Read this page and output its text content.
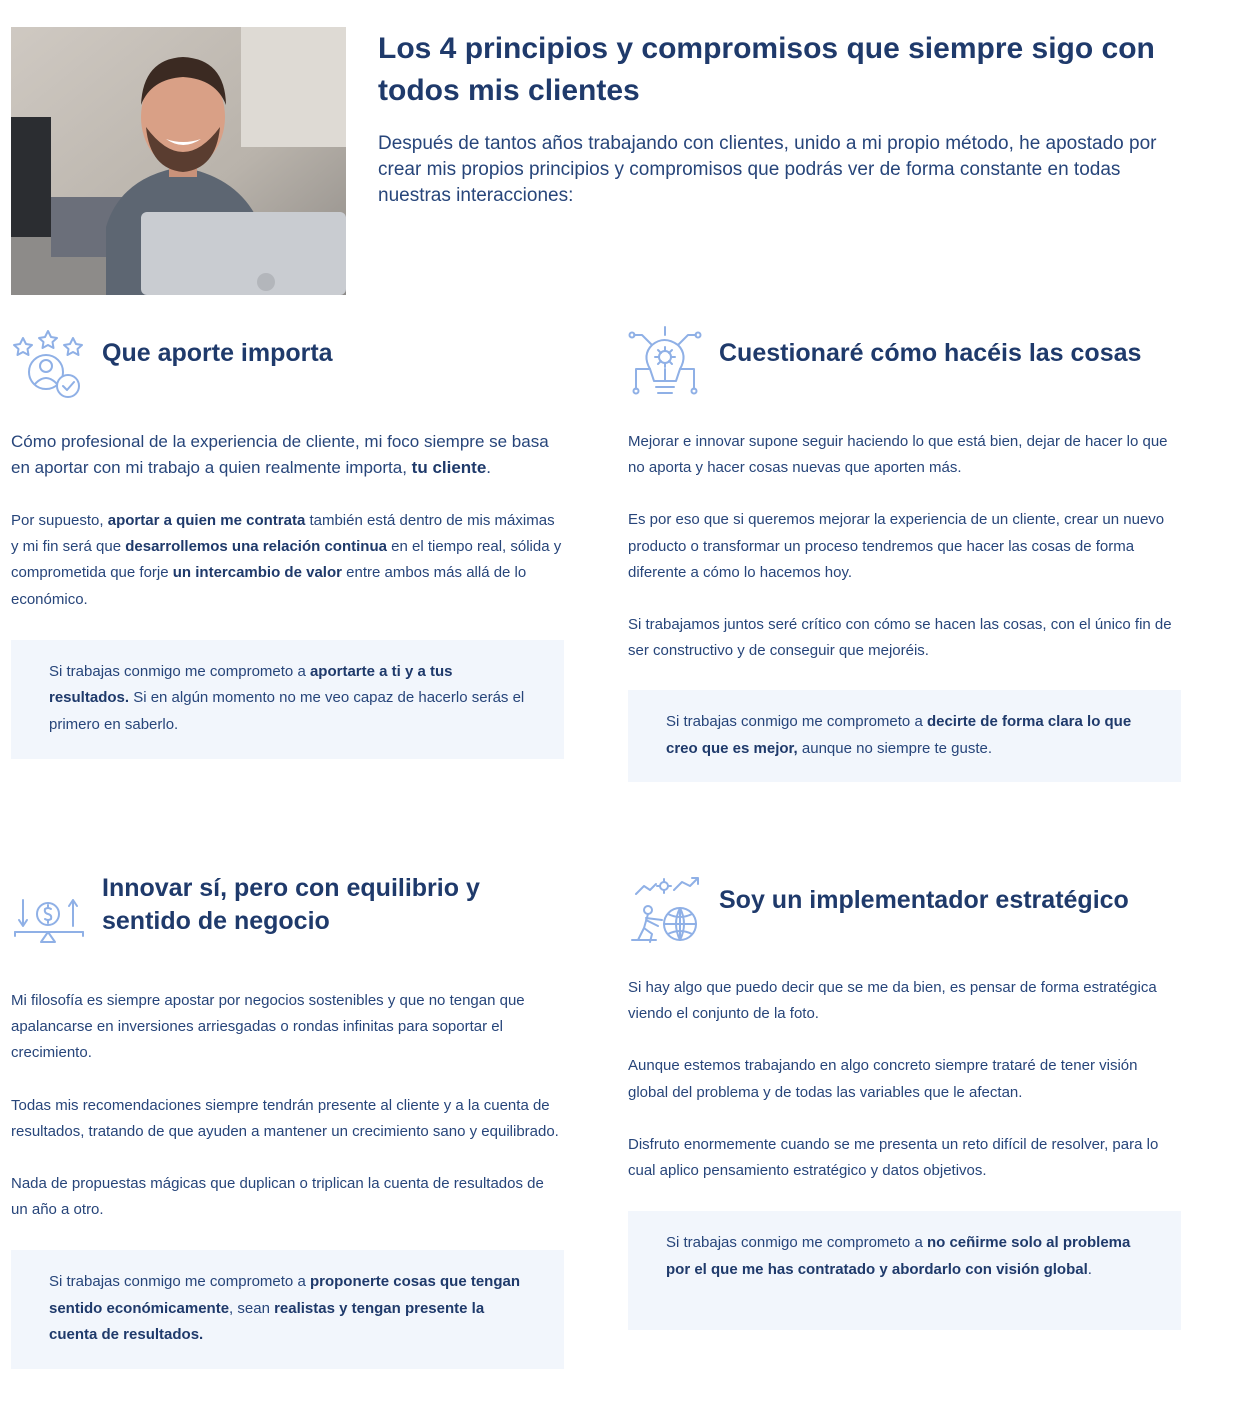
Los 4 principios y compromisos que siempre sigo con todos mis clientes

Después de tantos años trabajando con clientes, unido a mi propio método, he apostado por crear mis propios principios y compromisos que podrás ver de forma constante en todas nuestras interacciones:

Que aporte importa

Cómo profesional de la experiencia de cliente, mi foco siempre se basa en aportar con mi trabajo a quien realmente importa, tu cliente.

Por supuesto, aportar a quien me contrata también está dentro de mis máximas y mi fin será que desarrollemos una relación continua en el tiempo real, sólida y comprometida que forje un intercambio de valor entre ambos más allá de lo económico.

Si trabajas conmigo me comprometo a aportarte a ti y a tus resultados. Si en algún momento no me veo capaz de hacerlo serás el primero en saberlo.
Cuestionaré cómo hacéis las cosas

Mejorar e innovar supone seguir haciendo lo que está bien, dejar de hacer lo que no aporta y hacer cosas nuevas que aporten más.

Es por eso que si queremos mejorar la experiencia de un cliente, crear un nuevo producto o transformar un proceso tendremos que hacer las cosas de forma diferente a cómo lo hacemos hoy.

Si trabajamos juntos seré crítico con cómo se hacen las cosas, con el único fin de ser constructivo y de conseguir que mejoréis.

Si trabajas conmigo me comprometo a decirte de forma clara lo que creo que es mejor, aunque no siempre te guste.
Innovar sí, pero con equilibrio y sentido de negocio

Mi filosofía es siempre apostar por negocios sostenibles y que no tengan que apalancarse en inversiones arriesgadas o rondas infinitas para soportar el crecimiento.

Todas mis recomendaciones siempre tendrán presente al cliente y a la cuenta de resultados, tratando de que ayuden a mantener un crecimiento sano y equilibrado.

Nada de propuestas mágicas que duplican o triplican la cuenta de resultados de un año a otro.

Si trabajas conmigo me comprometo a proponerte cosas que tengan sentido económicamente, sean realistas y tengan presente la cuenta de resultados.
Soy un implementador estratégico

Si hay algo que puedo decir que se me da bien, es pensar de forma estratégica viendo el conjunto de la foto.

Aunque estemos trabajando en algo concreto siempre trataré de tener visión global del problema y de todas las variables que le afectan.

Disfruto enormemente cuando se me presenta un reto difícil de resolver, para lo cual aplico pensamiento estratégico y datos objetivos.

Si trabajas conmigo me comprometo a no ceñirme solo al problema por el que me has contratado y abordarlo con visión global.
